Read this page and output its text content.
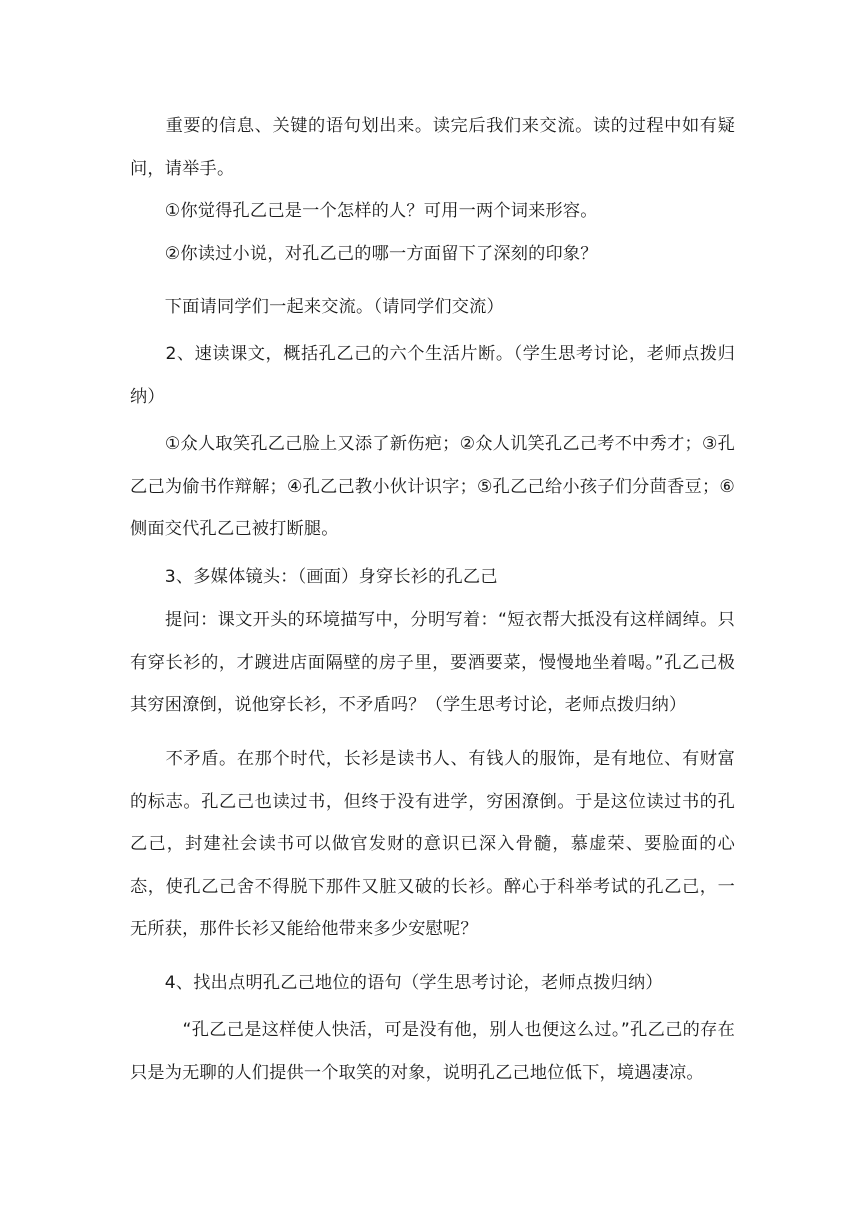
　　重要的信息、关键的语句划出来。读完后我们来交流。读的过程中如有疑问，请举手。

　　①你觉得孔乙己是一个怎样的人？可用一两个词来形容。

　　②你读过小说，对孔乙己的哪一方面留下了深刻的印象？

　　下面请同学们一起来交流。（请同学们交流）

　　2、速读课文，概括孔乙己的六个生活片断。（学生思考讨论，老师点拨归纳）

　　①众人取笑孔乙己脸上又添了新伤疤；②众人讥笑孔乙己考不中秀才；③孔乙己为偷书作辩解；④孔乙己教小伙计识字；⑤孔乙己给小孩子们分茴香豆；⑥侧面交代孔乙己被打断腿。

　　3、多媒体镜头：（画面）身穿长衫的孔乙己

　　提问：课文开头的环境描写中，分明写着：“短衣帮大抵没有这样阔绰。只有穿长衫的，才踱进店面隔壁的房子里，要酒要菜，慢慢地坐着喝。”孔乙己极其穷困潦倒，说他穿长衫，不矛盾吗？（学生思考讨论，老师点拨归纳）

　　不矛盾。在那个时代，长衫是读书人、有钱人的服饰，是有地位、有财富的标志。孔乙己也读过书，但终于没有进学，穷困潦倒。于是这位读过书的孔乙己，封建社会读书可以做官发财的意识已深入骨髓，慕虚荣、要脸面的心态，使孔乙己舍不得脱下那件又脏又破的长衫。醉心于科举考试的孔乙己，一无所获，那件长衫又能给他带来多少安慰呢？

　　4、找出点明孔乙己地位的语句（学生思考讨论，老师点拨归纳）

　　　“孔乙己是这样使人快活，可是没有他，别人也便这么过。”孔乙己的存在只是为无聊的人们提供一个取笑的对象，说明孔乙己地位低下，境遇凄凉。
